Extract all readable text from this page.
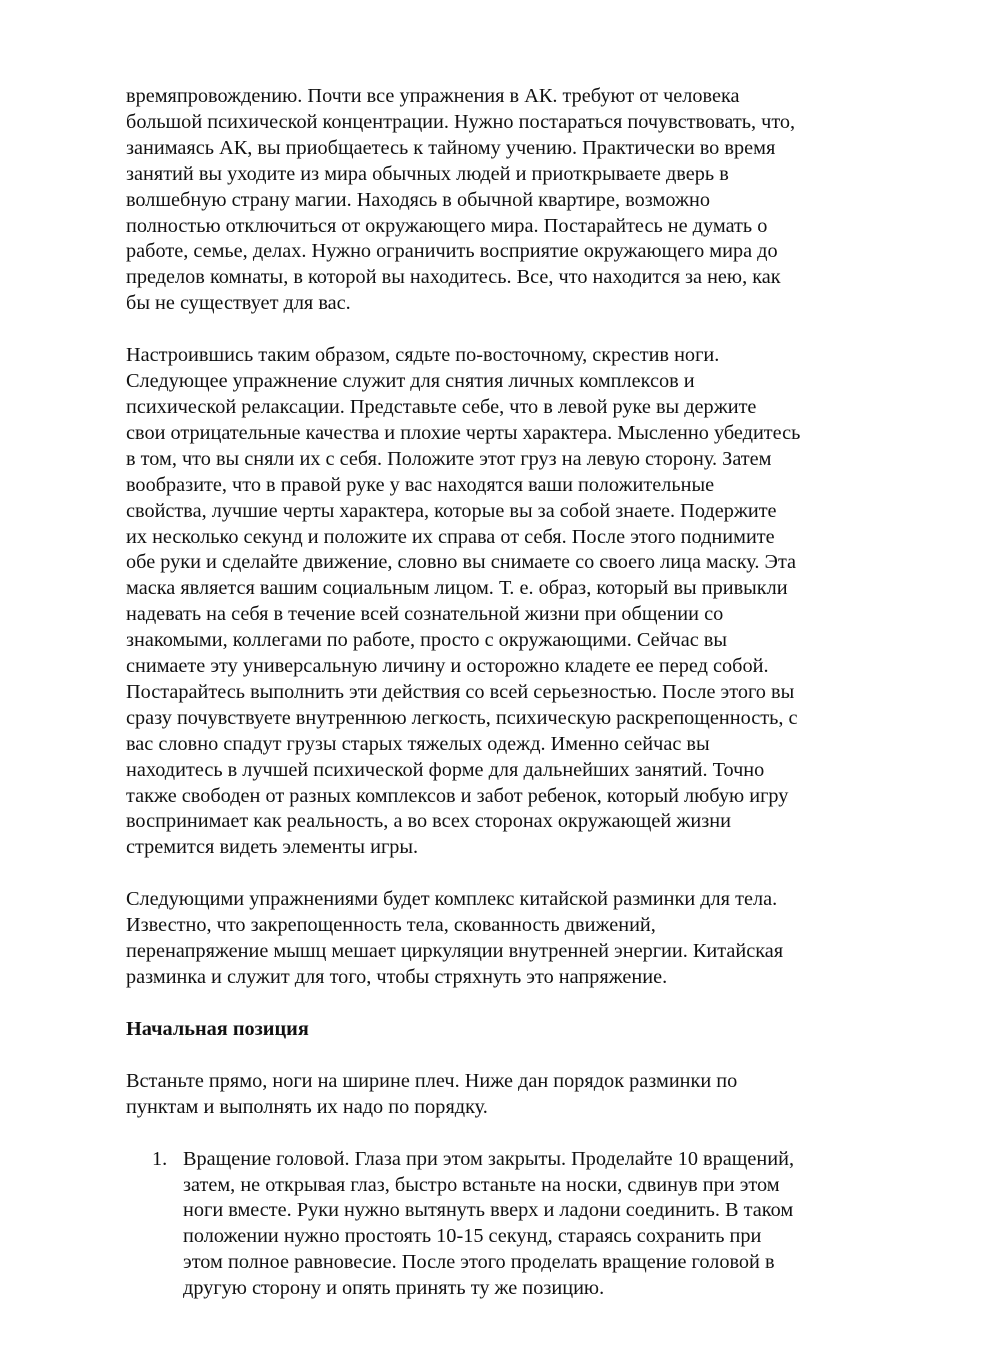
времяпровождению. Почти все упражнения в АК. требуют от человека
большой психической концентрации. Нужно постараться почувствовать, что,
занимаясь АК, вы приобщаетесь к тайному учению. Практически во время
занятий вы уходите из мира обычных людей и приоткрываете дверь в
волшебную страну магии. Находясь в обычной квартире, возможно
полностью отключиться от окружающего мира. Постарайтесь не думать о
работе, семье, делах. Нужно ограничить восприятие окружающего мира до
пределов комнаты, в которой вы находитесь. Все, что находится за нею, как
бы не существует для вас.
Настроившись таким образом, сядьте по-восточному, скрестив ноги.
Следующее упражнение служит для снятия личных комплексов и
психической релаксации. Представьте себе, что в левой руке вы держите
свои отрицательные качества и плохие черты характера. Мысленно убедитесь
в том, что вы сняли их с себя. Положите этот груз на левую сторону. Затем
вообразите, что в правой руке у вас находятся ваши положительные
свойства, лучшие черты характера, которые вы за собой знаете. Подержите
их несколько секунд и положите их справа от себя. После этого поднимите
обе руки и сделайте движение, словно вы снимаете со своего лица маску. Эта
маска является вашим социальным лицом. Т. е. образ, который вы привыкли
надевать на себя в течение всей сознательной жизни при общении со
знакомыми, коллегами по работе, просто с окружающими. Сейчас вы
снимаете эту универсальную личину и осторожно кладете ее перед собой.
Постарайтесь выполнить эти действия со всей серьезностью. После этого вы
сразу почувствуете внутреннюю легкость, психическую раскрепощенность, с
вас словно спадут грузы старых тяжелых одежд. Именно сейчас вы
находитесь в лучшей психической форме для дальнейших занятий. Точно
также свободен от разных комплексов и забот ребенок, который любую игру
воспринимает как реальность, а во всех сторонах окружающей жизни
стремится видеть элементы игры.
Следующими упражнениями будет комплекс китайской разминки для тела.
Известно, что закрепощенность тела, скованность движений,
перенапряжение мышц мешает циркуляции внутренней энергии. Китайская
разминка и служит для того, чтобы стряхнуть это напряжение.
Начальная позиция
Встаньте прямо, ноги на ширине плеч. Ниже дан порядок разминки по
пунктам и выполнять их надо по порядку.
1. Вращение головой. Глаза при этом закрыты. Проделайте 10 вращений,
затем, не открывая глаз, быстро встаньте на носки, сдвинув при этом
ноги вместе. Руки нужно вытянуть вверх и ладони соединить. В таком
положении нужно простоять 10-15 секунд, стараясь сохранить при
этом полное равновесие. После этого проделать вращение головой в
другую сторону и опять принять ту же позицию.
